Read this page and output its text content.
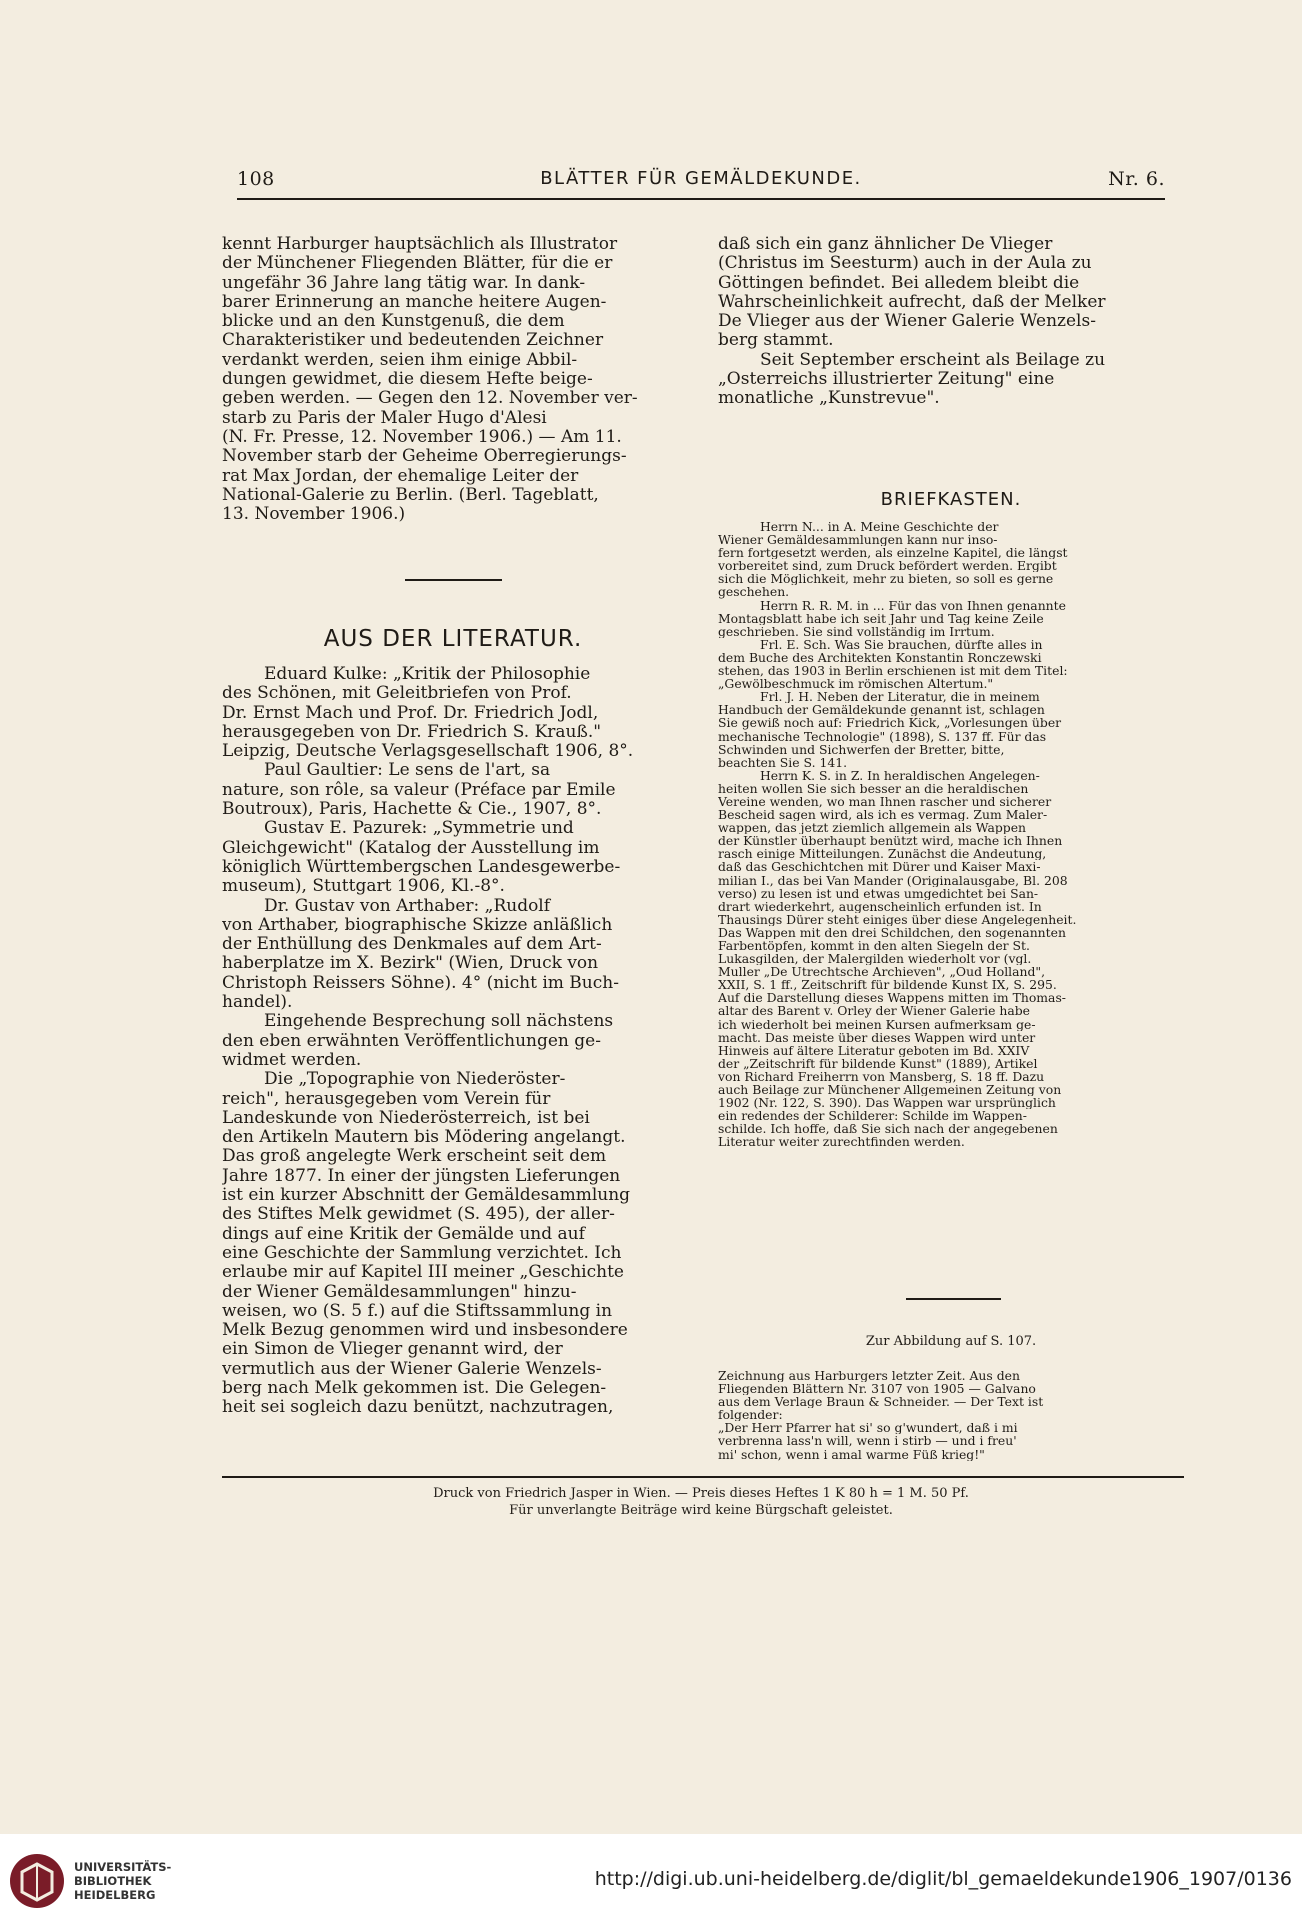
108	BLÄTTER FÜR GEMÄLDEKUNDE.	Nr. 6.
kennt Harburger hauptsächlich als Illustrator
der Münchener Fliegenden Blätter, für die er
ungefähr 36 Jahre lang tätig war. In dank-
barer Erinnerung an manche heitere Augen-
blicke und an den Kunstgenuß, die dem
Charakteristiker und bedeutenden Zeichner
verdankt werden, seien ihm einige Abbil-
dungen gewidmet, die diesem Hefte beige-
geben werden. — Gegen den 12. November ver-
starb zu Paris der Maler Hugo d'Alesi
(N. Fr. Presse, 12. November 1906.) — Am 11.
November starb der Geheime Oberregierungs-
rat Max Jordan, der ehemalige Leiter der
National-Galerie zu Berlin. (Berl. Tageblatt,
13. November 1906.)
AUS DER LITERATUR.
Eduard Kulke: „Kritik der Philosophie
des Schönen, mit Geleitbriefen von Prof.
Dr. Ernst Mach und Prof. Dr. Friedrich Jodl,
herausgegeben von Dr. Friedrich S. Krauß."
Leipzig, Deutsche Verlagsgesellschaft 1906, 8°.
Paul Gaultier: Le sens de l'art, sa
nature, son rôle, sa valeur (Préface par Emile
Boutroux), Paris, Hachette & Cie., 1907, 8°.
Gustav E. Pazurek: „Symmetrie und
Gleichgewicht" (Katalog der Ausstellung im
königlich Württembergschen Landesgewerbe-
museum), Stuttgart 1906, Kl.-8°.
Dr. Gustav von Arthaber: „Rudolf
von Arthaber, biographische Skizze anläßlich
der Enthüllung des Denkmales auf dem Art-
haberplatze im X. Bezirk" (Wien, Druck von
Christoph Reissers Söhne). 4° (nicht im Buch-
handel).
Eingehende Besprechung soll nächstens
den eben erwähnten Veröffentlichungen ge-
widmet werden.
Die „Topographie von Niederöster-
reich", herausgegeben vom Verein für
Landeskunde von Niederösterreich, ist bei
den Artikeln Mautern bis Mödering angelangt.
Das groß angelegte Werk erscheint seit dem
Jahre 1877. In einer der jüngsten Lieferungen
ist ein kurzer Abschnitt der Gemäldesammlung
des Stiftes Melk gewidmet (S. 495), der aller-
dings auf eine Kritik der Gemälde und auf
eine Geschichte der Sammlung verzichtet. Ich
erlaube mir auf Kapitel III meiner „Geschichte
der Wiener Gemäldesammlungen" hinzu-
weisen, wo (S. 5 f.) auf die Stiftssammlung in
Melk Bezug genommen wird und insbesondere
ein Simon de Vlieger genannt wird, der
vermutlich aus der Wiener Galerie Wenzels-
berg nach Melk gekommen ist. Die Gelegen-
heit sei sogleich dazu benützt, nachzutragen,
daß sich ein ganz ähnlicher De Vlieger
(Christus im Seesturm) auch in der Aula zu
Göttingen befindet. Bei alledem bleibt die
Wahrscheinlichkeit aufrecht, daß der Melker
De Vlieger aus der Wiener Galerie Wenzels-
berg stammt.
Seit September erscheint als Beilage zu
„Österreichs illustrierter Zeitung" eine
monatliche „Kunstrevue".
BRIEFKASTEN.
Herrn N... in A. Meine Geschichte der
Wiener Gemäldesammlungen kann nur inso-
fern fortgesetzt werden, als einzelne Kapitel, die längst
vorbereitet sind, zum Druck befördert werden. Ergibt
sich die Möglichkeit, mehr zu bieten, so soll es gerne
geschehen.
Herrn R. R. M. in ... Für das von Ihnen genannte
Montagsblatt habe ich seit Jahr und Tag keine Zeile
geschrieben. Sie sind vollständig im Irrtum.
Frl. E. Sch. Was Sie brauchen, dürfte alles in
dem Buche des Architekten Konstantin Ronczewski
stehen, das 1903 in Berlin erschienen ist mit dem Titel:
„Gewölbeschmuck im römischen Altertum."
Frl. J. H. Neben der Literatur, die in meinem
Handbuch der Gemäldekunde genannt ist, schlagen
Sie gewiß noch auf: Friedrich Kick, „Vorlesungen über
mechanische Technologie" (1898), S. 137 ff. Für das
Schwinden und Sichwerfen der Bretter, bitte,
beachten Sie S. 141.
Herrn K. S. in Z. In heraldischen Angelegen-
heiten wollen Sie sich besser an die heraldischen
Vereine wenden, wo man Ihnen rascher und sicherer
Bescheid sagen wird, als ich es vermag. Zum Maler-
wappen, das jetzt ziemlich allgemein als Wappen
der Künstler überhaupt benützt wird, mache ich Ihnen
rasch einige Mitteilungen. Zunächst die Andeutung,
daß das Geschichtchen mit Dürer und Kaiser Maxi-
milian I., das bei Van Mander (Originalausgabe, Bl. 208
verso) zu lesen ist und etwas umgedichtet bei San-
drart wiederkehrt, augenscheinlich erfunden ist. In
Thausings Dürer steht einiges über diese Angelegenheit.
Das Wappen mit den drei Schildchen, den sogenannten
Farbentöpfen, kommt in den alten Siegeln der St.
Lukasgilden, der Malergilden wiederholt vor (vgl.
Muller „De Utrechtsche Archieven", „Oud Holland",
XXII, S. 1 ff., Zeitschrift für bildende Kunst IX, S. 295.
Auf die Darstellung dieses Wappens mitten im Thomas-
altar des Barent v. Orley der Wiener Galerie habe
ich wiederholt bei meinen Kursen aufmerksam ge-
macht. Das meiste über dieses Wappen wird unter
Hinweis auf ältere Literatur geboten im Bd. XXIV
der „Zeitschrift für bildende Kunst" (1889), Artikel
von Richard Freiherrn von Mansberg, S. 18 ff. Dazu
auch Beilage zur Münchener Allgemeinen Zeitung von
1902 (Nr. 122, S. 390). Das Wappen war ursprünglich
ein redendes der Schilderer: Schilde im Wappen-
schilde. Ich hoffe, daß Sie sich nach der angegebenen
Literatur weiter zurechtfinden werden.
Zur Abbildung auf S. 107.
Zeichnung aus Harburgers letzter Zeit. Aus den
Fliegenden Blättern Nr. 3107 von 1905 — Galvano
aus dem Verlage Braun & Schneider. — Der Text ist
folgender:
„Der Herr Pfarrer hat si' so g'wundert, daß i mi
verbrenna lass'n will, wenn i stirb — und i freu'
mi' schon, wenn i amal warme Füß krieg!"
Druck von Friedrich Jasper in Wien. — Preis dieses Heftes 1 K 80 h = 1 M. 50 Pf.
Für unverlangte Beiträge wird keine Bürgschaft geleistet.
UNIVERSITÄTS-
BIBLIOTHEK
HEIDELBERG
http://digi.ub.uni-heidelberg.de/diglit/bl_gemaeldekunde1906_1907/0136
